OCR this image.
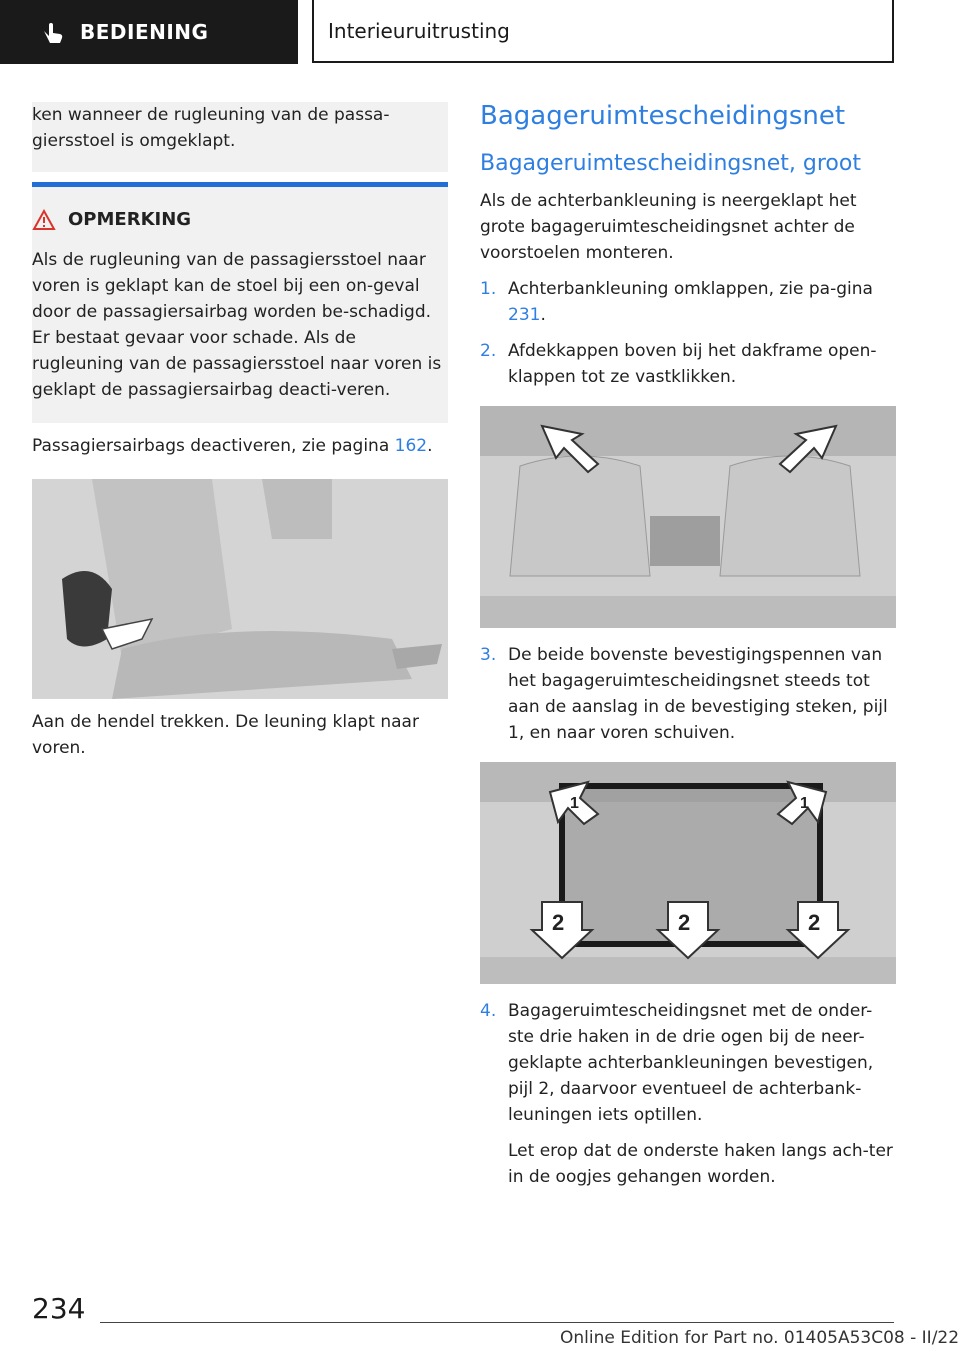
BEDIENING	Interieuruitrusting

ken wanneer de rugleuning van de passa-giersstoel is omgeklapt.

OPMERKING

Als de rugleuning van de passagiersstoel naar voren is geklapt kan de stoel bij een on-geval door de passagiersairbag worden be-schadigd. Er bestaat gevaar voor schade. Als de rugleuning van de passagiersstoel naar voren is geklapt de passagiersairbag deacti-veren.

Passagiersairbags deactiveren, zie pagina 162.

Aan de hendel trekken. De leuning klapt naar voren.

Bagageruimtescheidingsnet
Bagageruimtescheidingsnet, groot

Als de achterbankleuning is neergeklapt het grote bagageruimtescheidingsnet achter de voorstoelen monteren.

1. Achterbankleuning omklappen, zie pa-gina 231.

2. Afdekkappen boven bij het dakframe open-klappen tot ze vastklikken.

3. De beide bovenste bevestigingspennen van het bagageruimtescheidingsnet steeds tot aan de aanslag in de bevestiging steken, pijl 1, en naar voren schuiven.

1	1
2	2	2
4. Bagageruimtescheidingsnet met de onder-ste drie haken in de drie ogen bij de neer-geklapte achterbankleuningen bevestigen, pijl 2, daarvoor eventueel de achterbank-leuningen iets optillen.

Let erop dat de onderste haken langs ach-ter in de oogjes gehangen worden.

234
Online Edition for Part no. 01405A53C08 - II/22
